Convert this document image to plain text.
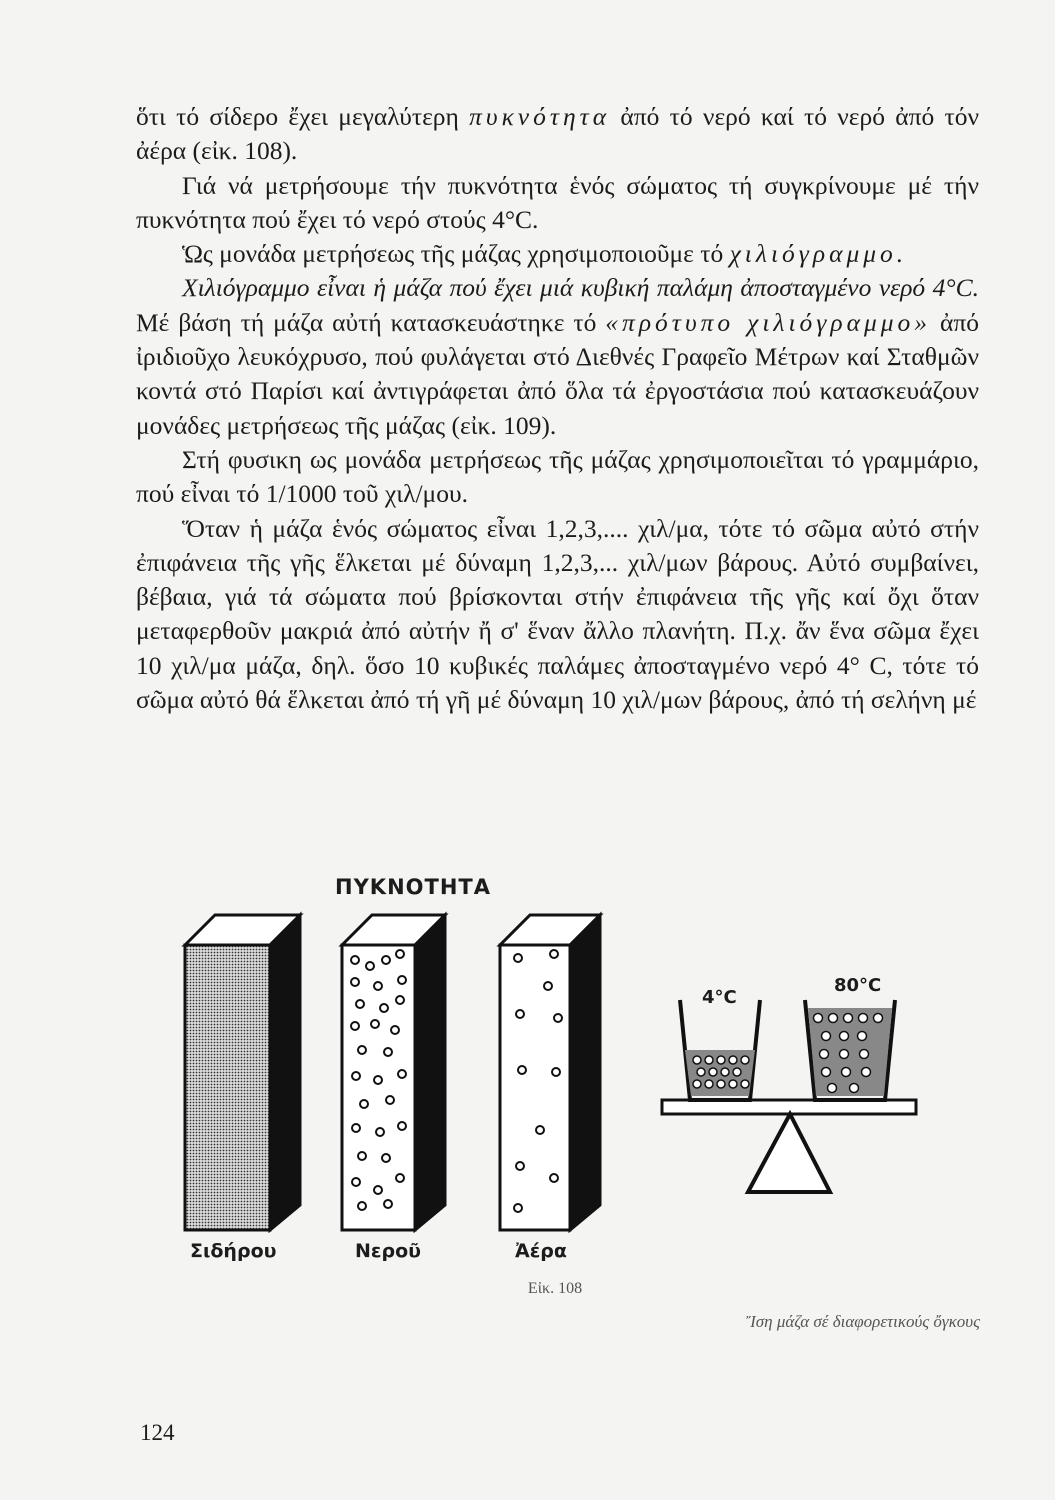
ὅτι τό σίδερο ἔχει μεγαλύτερη πυκνότητα ἀπό τό νερό καί τό νερό ἀπό τόν ἀέρα (εἰκ. 108).

Γιά νά μετρήσουμε τήν πυκνότητα ἑνός σώματος τή συγκρίνουμε μέ τήν πυκνότητα πού ἔχει τό νερό στούς 4°C.

Ὡς μονάδα μετρήσεως τῆς μάζας χρησιμοποιοῦμε τό χιλιόγραμμο.

Χιλιόγραμμο εἶναι ἡ μάζα πού ἔχει μιά κυβική παλάμη ἀποσταγμένο νερό 4°C. Μέ βάση τή μάζα αὐτή κατασκευάστηκε τό «πρότυπο χιλιόγραμμο» ἀπό ἰριδιοῦχο λευκόχρυσο, πού φυλάγεται στό Διεθνές Γραφεῖο Μέτρων καί Σταθμῶν κοντά στό Παρίσι καί ἀντιγράφεται ἀπό ὅλα τά ἐργοστάσια πού κατασκευάζουν μονάδες μετρήσεως τῆς μάζας (εἰκ. 109).

Στή φυσικη ως μονάδα μετρήσεως τῆς μάζας χρησιμοποιεῖται τό γραμμάριο, πού εἶναι τό 1/1000 τοῦ χιλ/μου.

Ὅταν ἡ μάζα ἑνός σώματος εἶναι 1,2,3,.... χιλ/μα, τότε τό σῶμα αὐτό στήν ἐπιφάνεια τῆς γῆς ἕλκεται μέ δύναμη 1,2,3,... χιλ/μων βάρους. Αὐτό συμβαίνει, βέβαια, γιά τά σώματα πού βρίσκονται στήν ἐπιφάνεια τῆς γῆς καί ὄχι ὅταν μεταφερθοῦν μακριά ἀπό αὐτήν ἤ σ' ἕναν ἄλλο πλανήτη. Π.χ. ἄν ἕνα σῶμα ἔχει 10 χιλ/μα μάζα, δηλ. ὅσο 10 κυβικές παλάμες ἀποσταγμένο νερό 4° C, τότε τό σῶμα αὐτό θά ἕλκεται ἀπό τή γῆ μέ δύναμη 10 χιλ/μων βάρους, ἀπό τή σελήνη μέ

ΠΥΚΝΟΤΗΤΑ
4°C
80°C
Σιδήρου	Νεροῦ	Ἀέρα
Εἰκ. 108
Ἴση μάζα σέ διαφορετικούς ὄγκους
124
